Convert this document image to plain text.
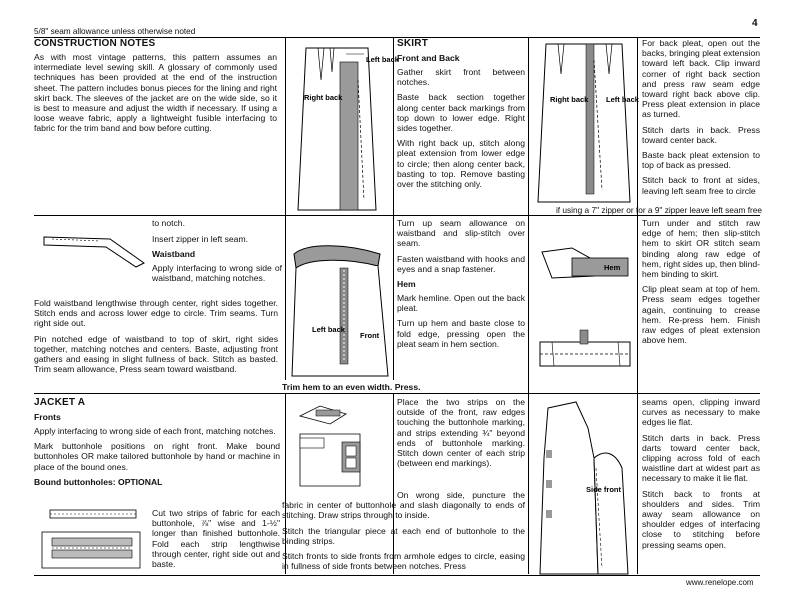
5/8" seam allowance unless otherwise noted
4
CONSTRUCTION NOTES

As with most vintage patterns, this pattern assumes an intermediate level sewing skill. A glossary of commonly used techniques has been provided at the end of the instruction sheet. The pattern includes bonus pieces for the lining and right skirt back. The sleeves of the jacket are on the wide side, so it is best to measure and adjust the width if necessary. If using a loose weave fabric, apply a lightweight fusible interfacing to fabric for the trim band and bow before cutting.

Left back
Right back
SKIRT
Front and Back

Gather skirt front between notches.

Baste back section together along center back markings from top down to lower edge. Right sides together.

With right back up, stitch along pleat extension from lower edge to circle; then along center back, basting to top. Remove basting over the stitching only.

Right back Left back

For back pleat, open out the backs, bringing pleat extension toward left back. Clip inward corner of right back section and press raw seam edge toward right back above clip. Press pleat extension in place as turned.

Stitch darts in back. Press toward center back.

Baste back pleat extension to top of back as pressed.

Stitch back to front at sides, leaving left seam free to circle

if using a 7" zipper or for a 9" zipper leave left seam free
to notch.

Insert zipper in left seam.

Waistband

Apply interfacing to wrong side of waistband, matching notches.

Fold waistband lengthwise through center, right sides together. Stitch ends and across lower edge to circle. Trim seams. Turn right side out.

Pin notched edge of waistband to top of skirt, right sides together, matching notches and centers. Baste, adjusting front gathers and easing in slight fullness of back. Stitch as basted. Trim seam allowance, Press seam toward waistband.

Left back
Front

Turn up seam allowance on waistband and slip-stitch over seam.

Fasten waistband with hooks and eyes and a snap fastener.

Hem

Mark hemline. Open out the back pleat.

Turn up hem and baste close to fold edge, pressing open the pleat seam in hem section.

Trim hem to an even width. Press.
Hem

Turn under and stitch raw edge of hem; then slip-stitch hem to skirt OR stitch seam binding along raw edge of hem, right sides up, then blind-hem binding to skirt.

Clip pleat seam at top of hem. Press seam edges together again, continuing to crease hem. Re-press hem. Finish raw edges of pleat extension above hem.

JACKET A
Fronts

Apply interfacing to wrong side of each front, matching notches.

Mark buttonhole positions on right front. Make bound buttonholes OR make tailored buttonhole by hand or machine in place of the bound ones.

Bound buttonholes: OPTIONAL

Cut two strips of fabric for each buttonhole, ⅞" wise and 1-½" longer than finished buttonhole. Fold each strip lengthwise through center, right side out and baste.

Place the two strips on the outside of the front, raw edges touching the buttonhole marking, and strips extending ¾" beyond ends of buttonhole marking. Stitch down center of each strip (between end markings).

On wrong side, puncture the fabric in center of buttonhole and slash diagonally to ends of stitching. Draw strips through to inside.

Stitch the triangular piece at each end of buttonhole to the binding strips.

Stitch fronts to side fronts from armhole edges to circle, easing in fullness of side fronts between notches. Press

Side front

seams open, clipping inward curves as necessary to make edges lie flat.

Stitch darts in back. Press darts toward center back, clipping across fold of each waistline dart at widest part as necessary to make it lie flat.

Stitch back to fronts at shoulders and sides. Trim away seam allowance on shoulder edges of interfacing close to stitching before pressing seams open.

www.renelope.com
